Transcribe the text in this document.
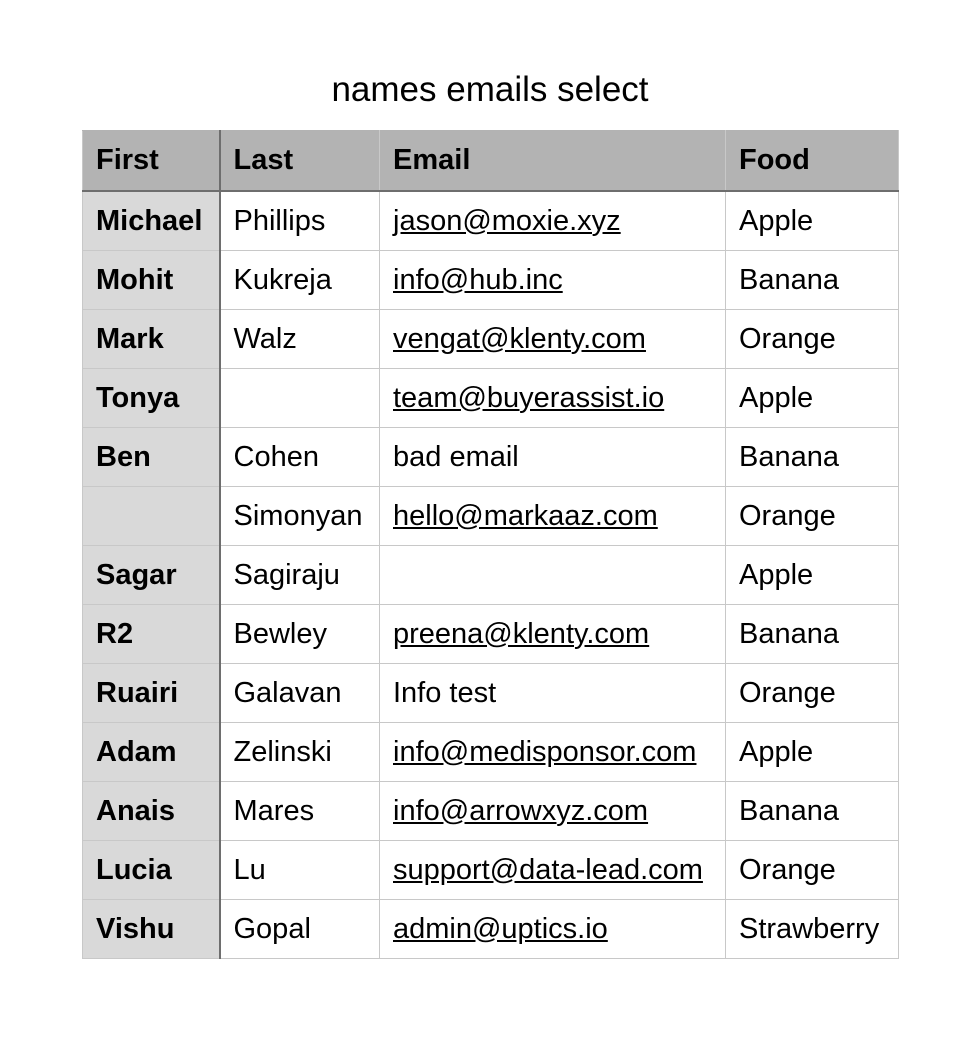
names emails select
First	Last	Email	Food
Michael	Phillips	jason@moxie.xyz	Apple
Mohit	Kukreja	info@hub.inc	Banana
Mark	Walz	vengat@klenty.com	Orange
Tonya		team@buyerassist.io	Apple
Ben	Cohen	bad email	Banana
	Simonyan	hello@markaaz.com	Orange
Sagar	Sagiraju		Apple
R2	Bewley	preena@klenty.com	Banana
Ruairi	Galavan	Info test	Orange
Adam	Zelinski	info@medisponsor.com	Apple
Anais	Mares	info@arrowxyz.com	Banana
Lucia	Lu	support@data-lead.com	Orange
Vishu	Gopal	admin@uptics.io	Strawberry
